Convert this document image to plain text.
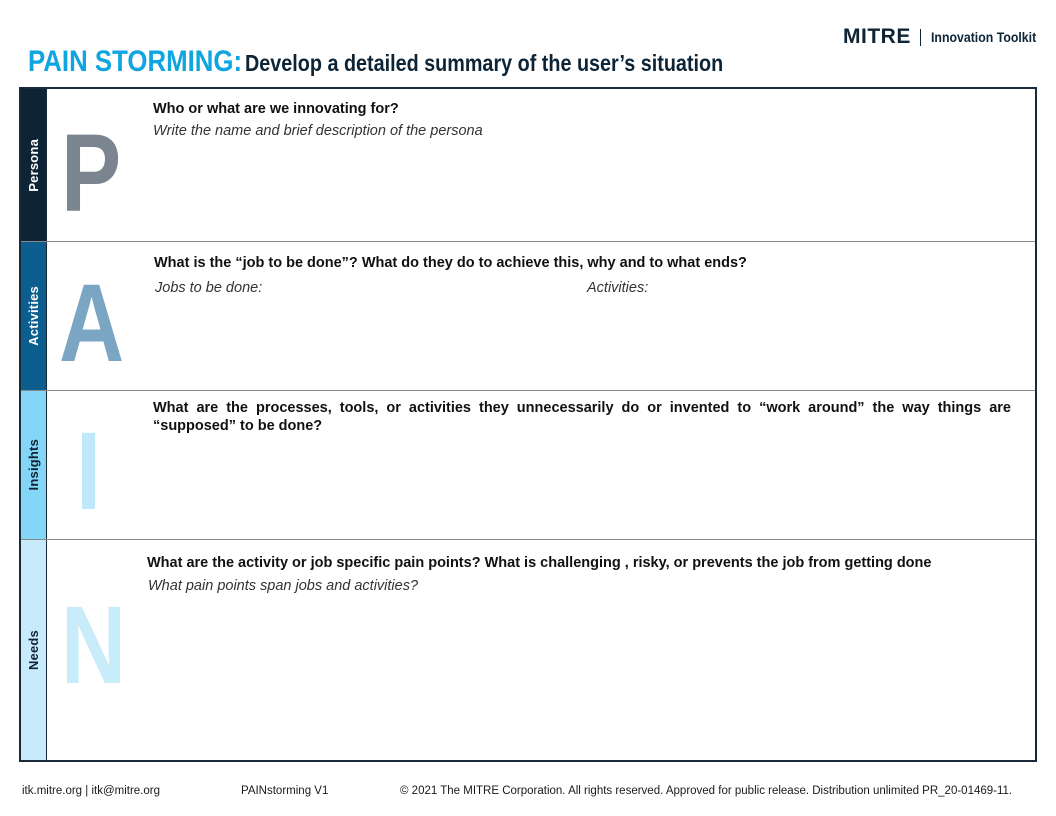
MITRE Innovation Toolkit
PAIN STORMING: Develop a detailed summary of the user’s situation
Persona P
Who or what are we innovating for?
Write the name and brief description of the persona
Activities A What is the “job to be done”? What do they do to achieve this, why and to what ends?
Jobs to be done:	Activities:
Insights I
What are the processes, tools, or activities they unnecessarily do or invented to “work around” the way things are “supposed” to be done?
Needs N
What are the activity or job specific pain points? What is challenging , risky, or prevents the job from getting done
What pain points span jobs and activities?
itk.mitre.org | itk@mitre.org	PAINstorming V1	© 2021 The MITRE Corporation. All rights reserved. Approved for public release. Distribution unlimited PR_20-01469-11.
